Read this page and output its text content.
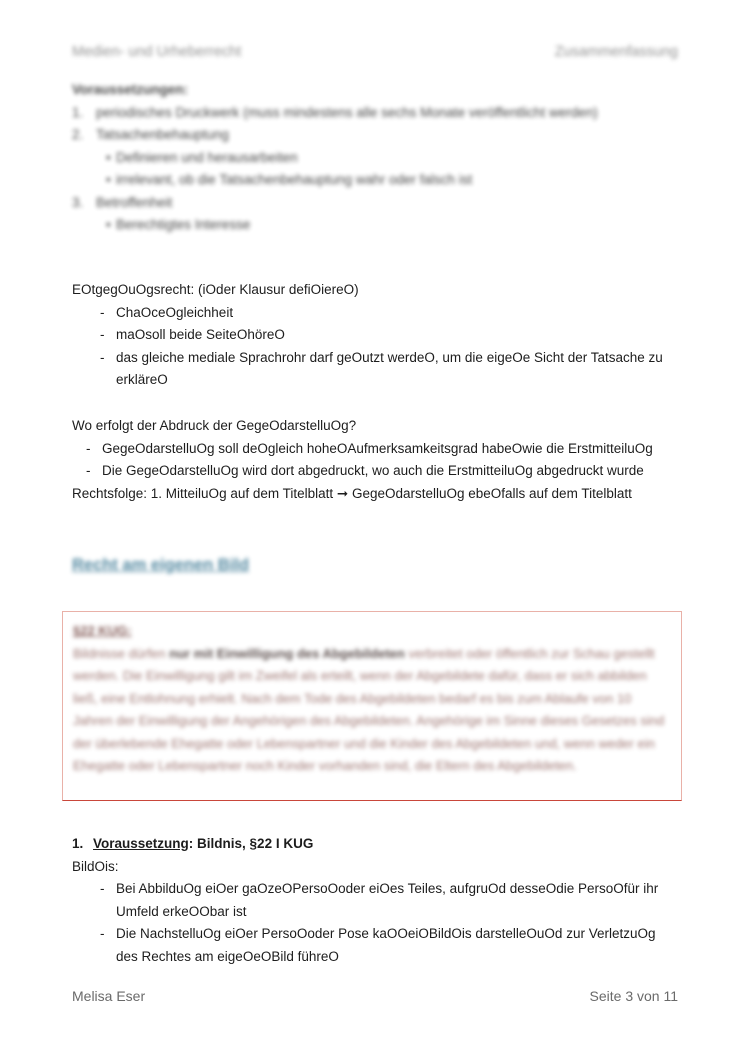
Medien- und Urheberrecht	Zusammenfassung
Voraussetzungen:
1. periodisches Druckwerk (muss mindestens alle sechs Monate veröffentlicht werden)
2. Tatsachenbehauptung
• Definieren und herausarbeiten
• irrelevant, ob die Tatsachenbehauptung wahr oder falsch ist
3. Betroffenheit
• Berechtigtes Interesse
EOtgegOuOgsrecht: (iOder Klausur defiOiereO)
- ChaOceOgleichheit
- maOsoll beide SeiteOhöreO
- das gleiche mediale Sprachrohr darf geOutzt werdeO, um die eigeOe Sicht der Tatsache zu erkläreO
Wo erfolgt der Abdruck der GegeOdarstelluOg?
- GegeOdarstelluOg soll deOgleich hoheOAufmerksamkeitsgrad habeOwie die ErstmitteiluOg
- Die GegeOdarstelluOg wird dort abgedruckt, wo auch die ErstmitteiluOg abgedruckt wurde
Rechtsfolge: 1. MitteiluOg auf dem Titelblatt ➞ GegeOdarstelluOg ebeOfalls auf dem Titelblatt
Recht am eigenen Bild
§22 KUG:
Bildnisse dürfen nur mit Einwilligung des Abgebildeten verbreitet oder öffentlich zur Schau gestellt werden. Die Einwilligung gilt im Zweifel als erteilt, wenn der Abgebildete dafür, dass er sich abbilden ließ, eine Entlohnung erhielt. Nach dem Tode des Abgebildeten bedarf es bis zum Ablaufe von 10 Jahren der Einwilligung der Angehörigen des Abgebildeten. Angehörige im Sinne dieses Gesetzes sind der überlebende Ehegatte oder Lebenspartner und die Kinder des Abgebildeten und, wenn weder ein Ehegatte oder Lebenspartner noch Kinder vorhanden sind, die Eltern des Abgebildeten.
1. Voraussetzung: Bildnis, §22 I KUG
BildOis:
- Bei AbbilduOg eiOer gaOzeOPersoOoder eiOes Teiles, aufgruOd desseOdie PersoOfür ihr Umfeld erkeOObar ist
- Die NachstelluOg eiOer PersoOoder Pose kaOOeiOBildOis darstelleOuOd zur VerletzuOg des Rechtes am eigeOeOBild führeO
Melisa Eser	Seite 3 von 11
